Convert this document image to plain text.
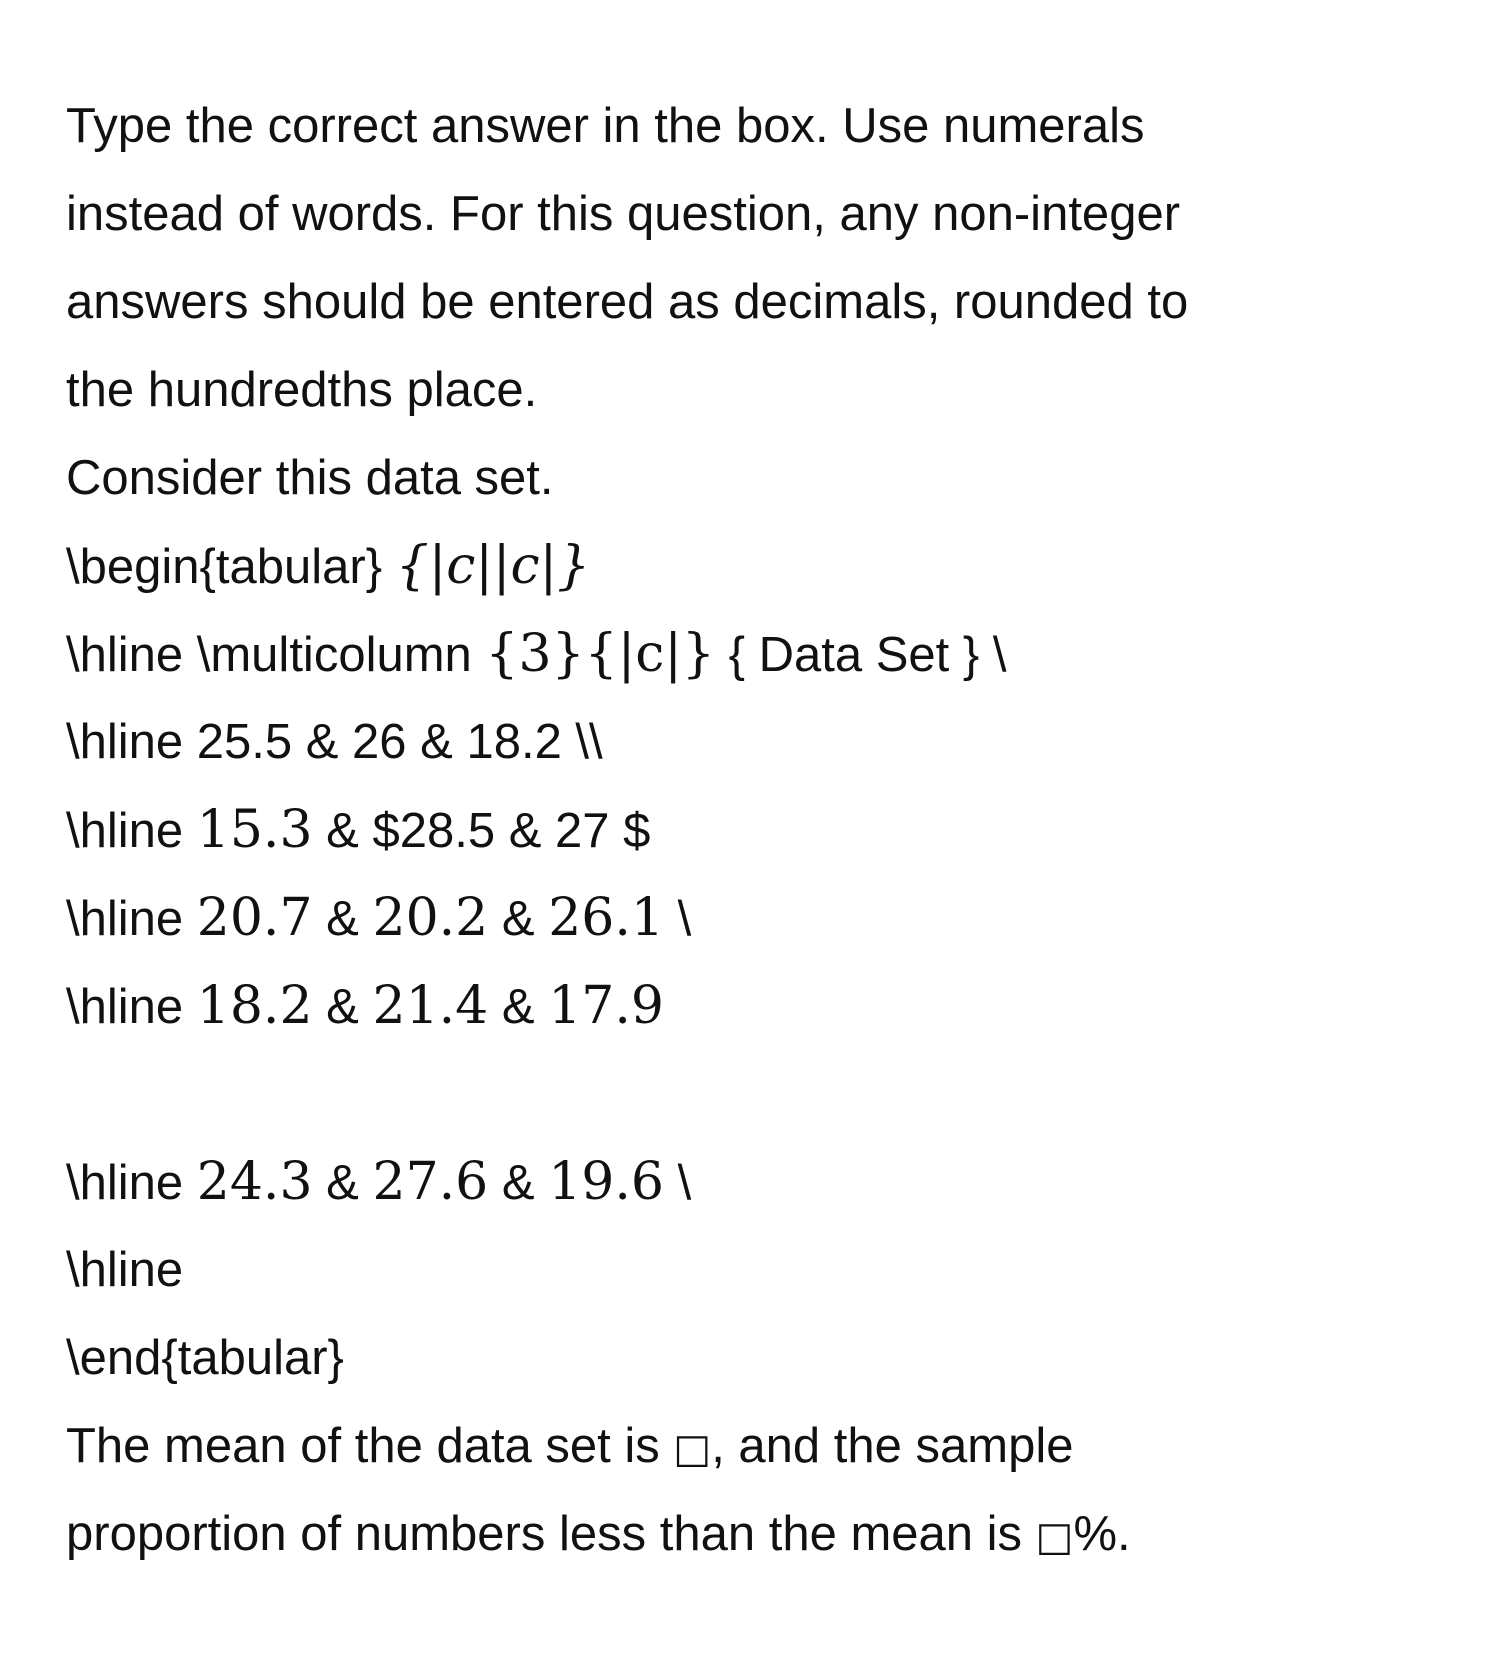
Type the correct answer in the box. Use numerals
instead of words. For this question, any non-integer
answers should be entered as decimals, rounded to
the hundredths place.
Consider this data set.
\begin{tabular} {|c||c|}
\hline \multicolumn {3}{|c|} { Data Set } \
\hline 25.5 & 26 & 18.2 \\
\hline 15.3 & $28.5 & 27 $
\hline 20.7 & 20.2 & 26.1 \
\hline 18.2 & 21.4 & 17.9
\hline 24.3 & 27.6 & 19.6 \
\hline
\end{tabular}
The mean of the data set is □, and the sample
proportion of numbers less than the mean is □%.
